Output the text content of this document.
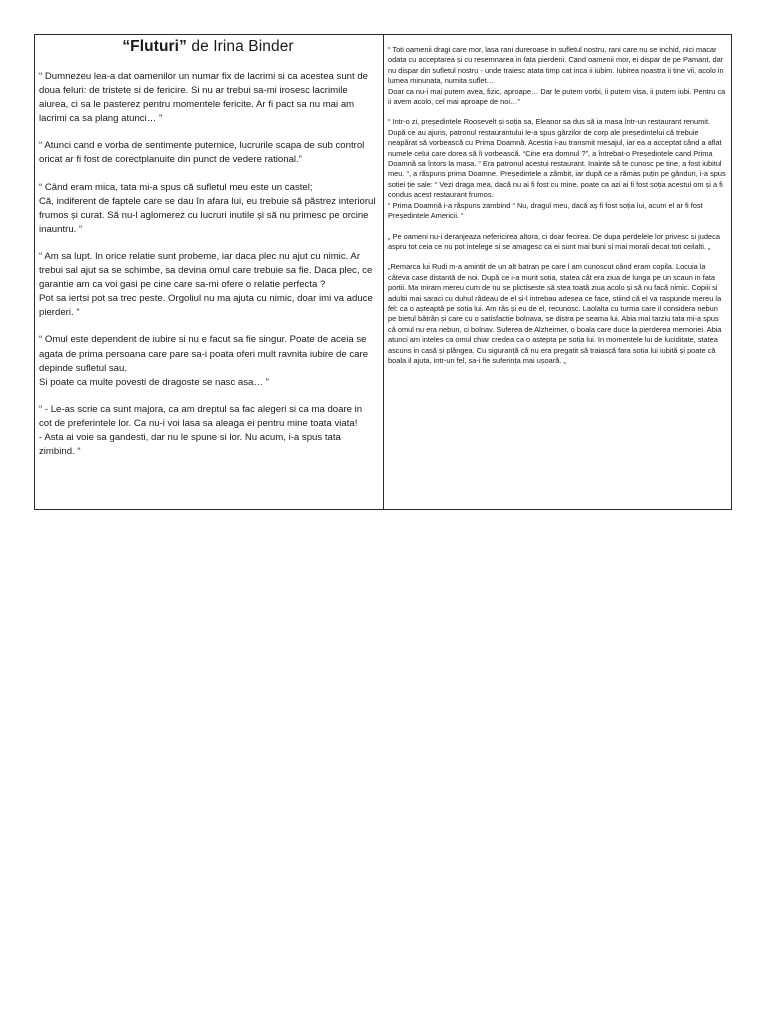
“Fluturi” de Irina Binder

“ Dumnezeu lea-a dat oamenilor un numar fix de lacrimi si ca acestea sunt de doua feluri: de tristete si de fericire. Si nu ar trebui sa-mi irosesc lacrimile aiurea, ci sa le pasterez pentru momentele fericite. Ar fi pact sa nu mai am lacrimi ca sa plang atunci… ”

“ Atunci cand e vorba de sentimente puternice, lucrurile scapa de sub control oricat ar fi fost de corectplanuite din punct de vedere rational.”

“ Când eram mica, tata mi-a spus că sufletul meu este un castel;
Că, indiferent de faptele care se dau în afara lui, eu trebuie să păstrez interiorul frumos și curat. Să nu-l aglomerez cu lucruri inutile și să nu primesc pe orcine inauntru. “

“ Am sa lupt. In orice relatie sunt probeme, iar daca plec nu ajut cu nimic. Ar trebui sal ajut sa se schimbe, sa devina omul care trebuie sa fie. Daca plec, ce garantie am ca voi gasi pe cine care sa-mi ofere o relatie perfecta ?
Pot sa iertsi pot sa trec peste. Orgoliul nu ma ajuta cu nimic, doar imi va aduce pierderi. “

“ Omul este dependent de iubire si nu e facut sa fie singur. Poate de aceia se agata de prima persoana care pare sa-i poata oferi mult ravnita iubire de care depinde sufletul sau.
Si poate ca multe povesti de dragoste se nasc asa… ”

“ - Le-as scrie ca sunt majora, ca am dreptul sa fac alegeri si ca ma doare in cot de preferintele lor. Ca nu-i voi lasa sa aleaga ei pentru mine toata viata!
- Asta ai voie sa gandesti, dar nu le spune si lor. Nu acum, i-a spus tata zimbind. “

“ Toti oamenii dragi care mor, lasa rani dureroase in sufletul nostru, rani care nu se inchid, nici macar odata cu acceptarea si cu resemnarea in fata pierderii. Cand oamenii mor, ei dispar de pe Pamant, dar nu dispar din sufletul nostru - unde traiesc atata timp cat inca ii iubim. Iubirea noastra ii tine vii, acolo in lumea minunata, numita suflet…
Doar ca nu-i mai putem avea, fizic, aproape… Dar le putem vorbi, ii putem visa, ii putem iubi. Pentru ca ii avem acolo, cel mai aproape de noi…”

“ Intr-o zi, președintele Roosevelt și soția sa, Eleanor sa dus să ia masa într-un restaurant renumit. După ce au ajuns, patronul restaurantului le-a spus gărzilor de corp ale președintelui că trebuie neapărat să vorbească cu Prima Doamnă. Acestia i-au transmit mesajul, iar ea a acceptat când a aflat numele celui care dorea să îi vorbească. “Cine era domnul ?”, a întrebat-o Președintele cand Prima Doamnă sa întors la masa. “ Era patronul acestui restaurant. Inainte să te cunosc pe tine, a fost iubitul meu. “, a răspuns prima Doamne. Președintele a zâmbit, iar după ce a rămas puțin pe gânduri, i-a spus sotiei ție sale: “ Vezi draga mea, dacă nu ai fi fost cu mine, poate ca azi ai fi fost soția acestui om și a fi condus acest restaurant frumos.
“ Prima Doamnă i-a răspuns zambind “ Nu, dragul meu, dacă aș fi fost soția lui, acum el ar fi fost Președintele Americii. “

„ Pe oameni nu-i deranjeaza nefericirea altora, ci doar fecirea. De dupa perdelele lor privesc si judeca aspru tot ceia ce nu pot intelege si se amagesc ca ei sunt mai buni si mai morali decat toti ceilalti. „

„Remarca lui Rudi m-a amintit de un alt batran pe care l am cunoscut când eram copila. Locuia la câteva case distantă de noi. După ce i-a murit sotia, statea cât era ziua de lunga pe un scaun in fata portii. Ma miram mereu cum de nu se plictiseste să stea toată ziua acolo și să nu facă nimic. Copiii si adultii mai saraci cu duhul râdeau de el și-l intrebau adesea ce face, stiind că el va raspunde mereu la fel: ca o așteaptă pe sotia lui. Am râs și eu de el, recunosc. Laolalta cu turma care il considera nebun pe bietul bătrân și care cu o satisfactie bolnava, se distra pe seama lui. Abia mai tarziu tata mi-a spus că omul nu era nebun, ci bolnav. Suferea de Alzheimer, o boala care duce la pierderea memoriei. Abia atunci am inteles ca omul chiar credea ca o astepta pe sotia lui. In momentele lui de luciditate, statea ascuns in casă și plângea. Cu siguranță că nu era pregatit să traiască fara sotia lui iubită și poate că boala il ajuta, intr-un fel, sa-i fie suferința mai ușoară. „
